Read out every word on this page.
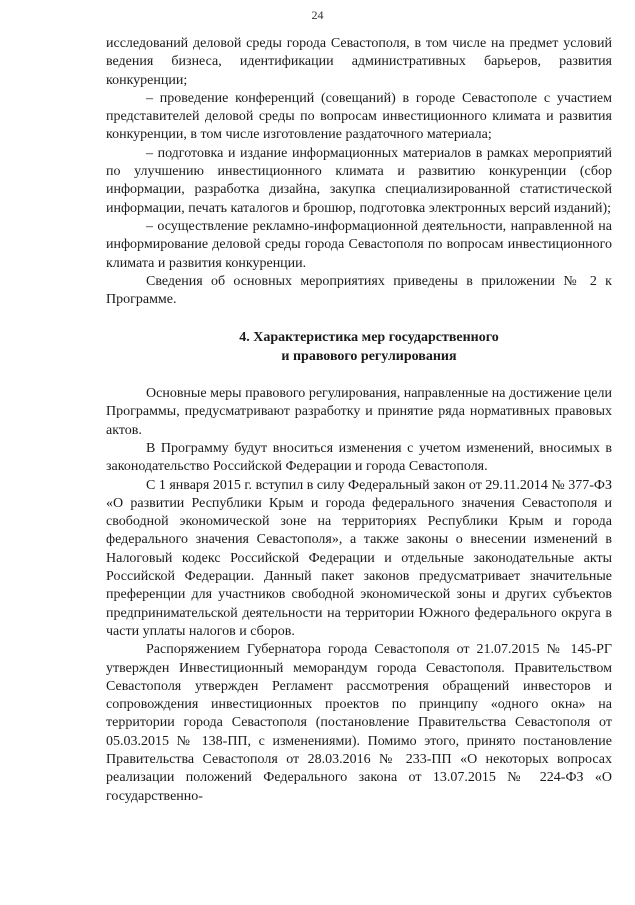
24

исследований деловой среды города Севастополя, в том числе на предмет условий ведения бизнеса, идентификации административных барьеров, развития конкуренции;

– проведение конференций (совещаний) в городе Севастополе с участием представителей деловой среды по вопросам инвестиционного климата и развития конкуренции, в том числе изготовление раздаточного материала;

– подготовка и издание информационных материалов в рамках мероприятий по улучшению инвестиционного климата и развитию конкуренции (сбор информации, разработка дизайна, закупка специализированной статистической информации, печать каталогов и брошюр, подготовка электронных версий изданий);

– осуществление рекламно-информационной деятельности, направленной на информирование деловой среды города Севастополя по вопросам инвестиционного климата и развития конкуренции.

Сведения об основных мероприятиях приведены в приложении № 2 к Программе.

4. Характеристика мер государственного
и правового регулирования

Основные меры правового регулирования, направленные на достижение цели Программы, предусматривают разработку и принятие ряда нормативных правовых актов.

В Программу будут вноситься изменения с учетом изменений, вносимых в законодательство Российской Федерации и города Севастополя.

С 1 января 2015 г. вступил в силу Федеральный закон от 29.11.2014 № 377-ФЗ «О развитии Республики Крым и города федерального значения Севастополя и свободной экономической зоне на территориях Республики Крым и города федерального значения Севастополя», а также законы о внесении изменений в Налоговый кодекс Российской Федерации и отдельные законодательные акты Российской Федерации. Данный пакет законов предусматривает значительные преференции для участников свободной экономической зоны и других субъектов предпринимательской деятельности на территории Южного федерального округа в части уплаты налогов и сборов.

Распоряжением Губернатора города Севастополя от 21.07.2015 № 145-РГ утвержден Инвестиционный меморандум города Севастополя. Правительством Севастополя утвержден Регламент рассмотрения обращений инвесторов и сопровождения инвестиционных проектов по принципу «одного окна» на территории города Севастополя (постановление Правительства Севастополя от 05.03.2015 № 138-ПП, с изменениями). Помимо этого, принято постановление Правительства Севастополя от 28.03.2016 № 233-ПП «О некоторых вопросах реализации положений Федерального закона от 13.07.2015 № 224-ФЗ «О государственно-
